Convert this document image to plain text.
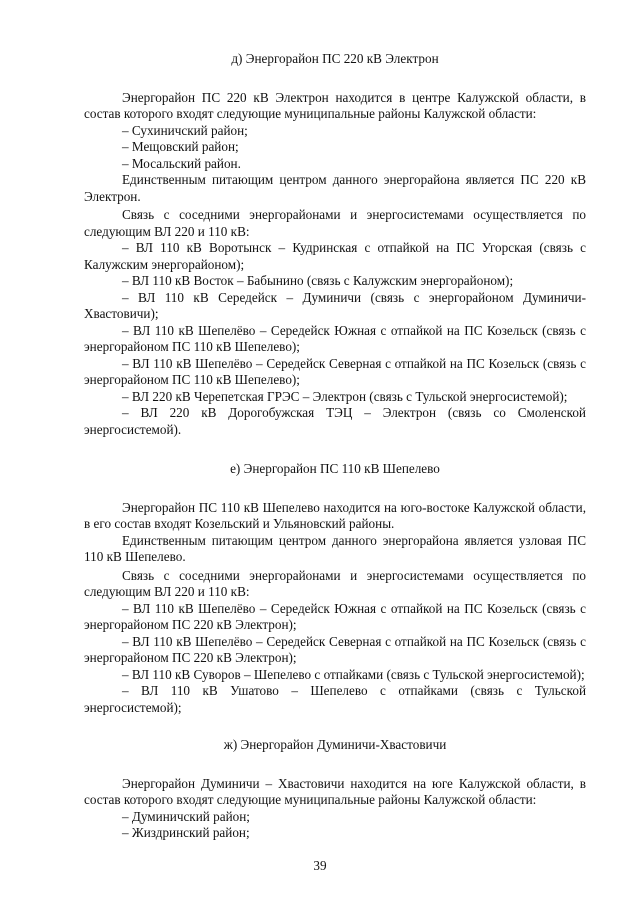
д) Энергорайон ПС 220 кВ Электрон

Энергорайон ПС 220 кВ Электрон находится в центре Калужской области, в состав которого входят следующие муниципальные районы Калужской области:

– Сухиничский район;

– Мещовский район;

– Мосальский район.

Единственным питающим центром данного энергорайона является ПС 220 кВ Электрон.

Связь с соседними энергорайонами и энергосистемами осуществляется по следующим ВЛ 220 и 110 кВ:

– ВЛ 110 кВ Воротынск – Кудринская с отпайкой на ПС Угорская (связь с Калужским энергорайоном);

– ВЛ 110 кВ Восток – Бабынино (связь с Калужским энергорайоном);

– ВЛ 110 кВ Середейск – Думиничи (связь с энергорайоном Думиничи-Хвастовичи);

– ВЛ 110 кВ Шепелёво – Середейск Южная с отпайкой на ПС Козельск (связь с энергорайоном ПС 110 кВ Шепелево);

– ВЛ 110 кВ Шепелёво – Середейск Северная с отпайкой на ПС Козельск (связь с энергорайоном ПС 110 кВ Шепелево);

– ВЛ 220 кВ Черепетская ГРЭС – Электрон (связь с Тульской энергосистемой);

– ВЛ 220 кВ Дорогобужская ТЭЦ – Электрон (связь со Смоленской энергосистемой).

е) Энергорайон ПС 110 кВ Шепелево

Энергорайон ПС 110 кВ Шепелево находится на юго-востоке Калужской области, в его состав входят Козельский и Ульяновский районы.

Единственным питающим центром данного энергорайона является узловая ПС 110 кВ Шепелево.

Связь с соседними энергорайонами и энергосистемами осуществляется по следующим ВЛ 220 и 110 кВ:

– ВЛ 110 кВ Шепелёво – Середейск Южная с отпайкой на ПС Козельск (связь с энергорайоном ПС 220 кВ Электрон);

– ВЛ 110 кВ Шепелёво – Середейск Северная с отпайкой на ПС Козельск (связь с энергорайоном ПС 220 кВ Электрон);

– ВЛ 110 кВ Суворов – Шепелево с отпайками (связь с Тульской энергосистемой);

– ВЛ 110 кВ Ушатово – Шепелево с отпайками (связь с Тульской энергосистемой);

ж) Энергорайон Думиничи-Хвастовичи

Энергорайон Думиничи – Хвастовичи находится на юге Калужской области, в состав которого входят следующие муниципальные районы Калужской области:

– Думиничский район;

– Жиздринский район;

39
